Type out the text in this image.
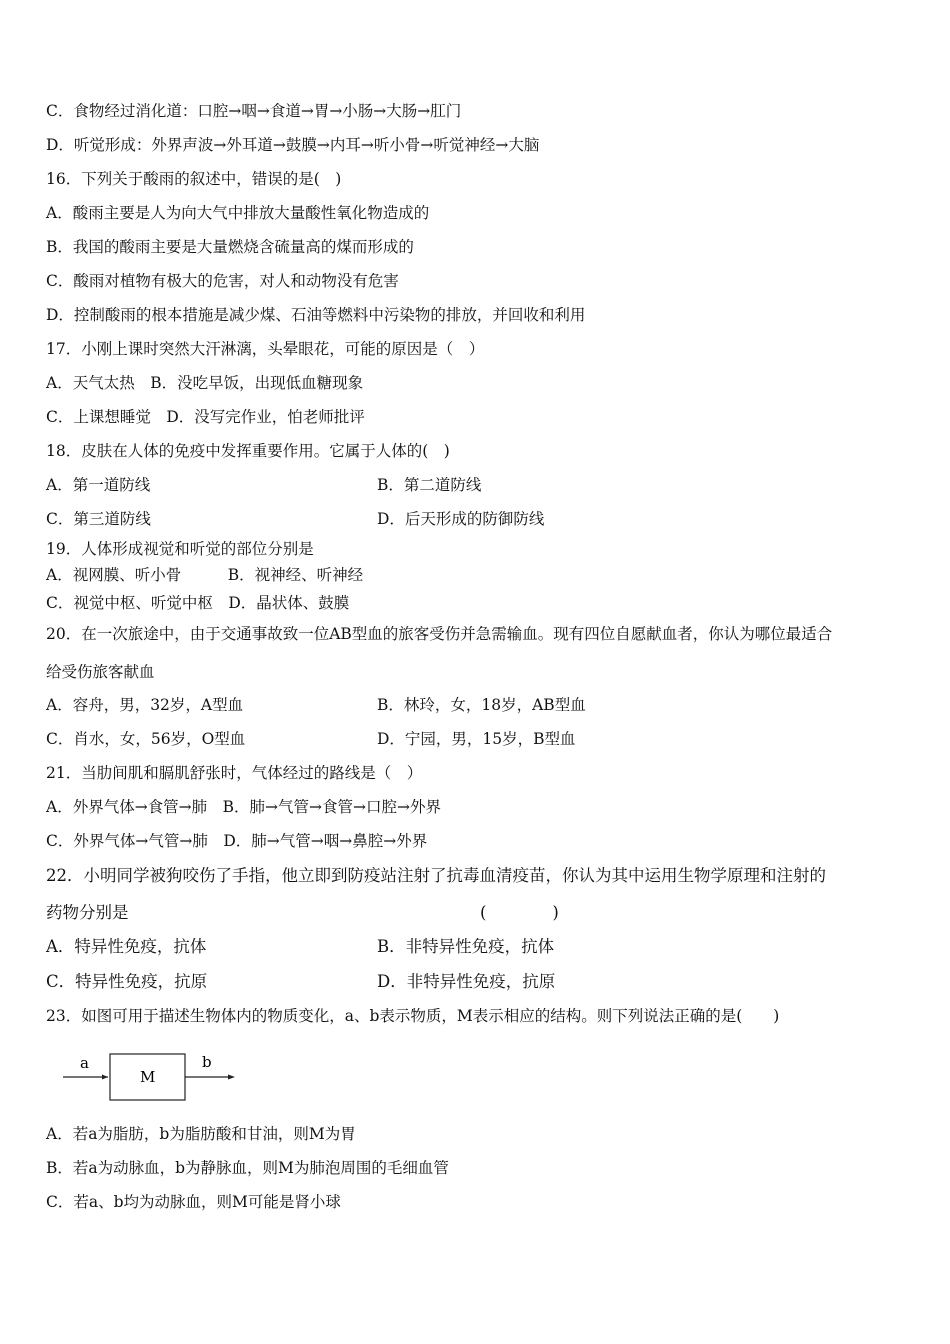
C．食物经过消化道：口腔→咽→食道→胃→小肠→大肠→肛门
D．听觉形成：外界声波→外耳道→鼓膜→内耳→听小骨→听觉神经→大脑
16．下列关于酸雨的叙述中，错误的是(　)
A．酸雨主要是人为向大气中排放大量酸性氧化物造成的
B．我国的酸雨主要是大量燃烧含硫量高的煤而形成的
C．酸雨对植物有极大的危害，对人和动物没有危害
D．控制酸雨的根本措施是减少煤、石油等燃料中污染物的排放，并回收和利用
17．小刚上课时突然大汗淋漓，头晕眼花，可能的原因是（　）
A．天气太热　B．没吃早饭，出现低血糖现象
C．上课想睡觉　D．没写完作业，怕老师批评
18．皮肤在人体的免疫中发挥重要作用。它属于人体的(　)
A．第一道防线	B．第二道防线
C．第三道防线	D．后天形成的防御防线
19．人体形成视觉和听觉的部位分别是
A．视网膜、听小骨　　　B．视神经、听神经
C．视觉中枢、听觉中枢　D．晶状体、鼓膜
20．在一次旅途中，由于交通事故致一位AB型血的旅客受伤并急需输血。现有四位自愿献血者，你认为哪位最适合
给受伤旅客献血
A．容舟，男，32岁，A型血	B．林玲，女，18岁，AB型血
C．肖水，女，56岁，O型血	D．宁园，男，15岁，B型血
21．当肋间肌和膈肌舒张时，气体经过的路线是（　）
A．外界气体→食管→肺　B．肺→气管→食管→口腔→外界
C．外界气体→气管→肺　D．肺→气管→咽→鼻腔→外界
22．小明同学被狗咬伤了手指，他立即到防疫站注射了抗毒血清疫苗，你认为其中运用生物学原理和注射的
药物分别是	(　　　　)
A．特异性免疫，抗体	B．非特异性免疫，抗体
C．特异性免疫，抗原	D．非特异性免疫，抗原
23．如图可用于描述生物体内的物质变化，a、b表示物质，M表示相应的结构。则下列说法正确的是(　　)
a
M
b
A．若a为脂肪，b为脂肪酸和甘油，则M为胃
B．若a为动脉血，b为静脉血，则M为肺泡周围的毛细血管
C．若a、b均为动脉血，则M可能是肾小球
